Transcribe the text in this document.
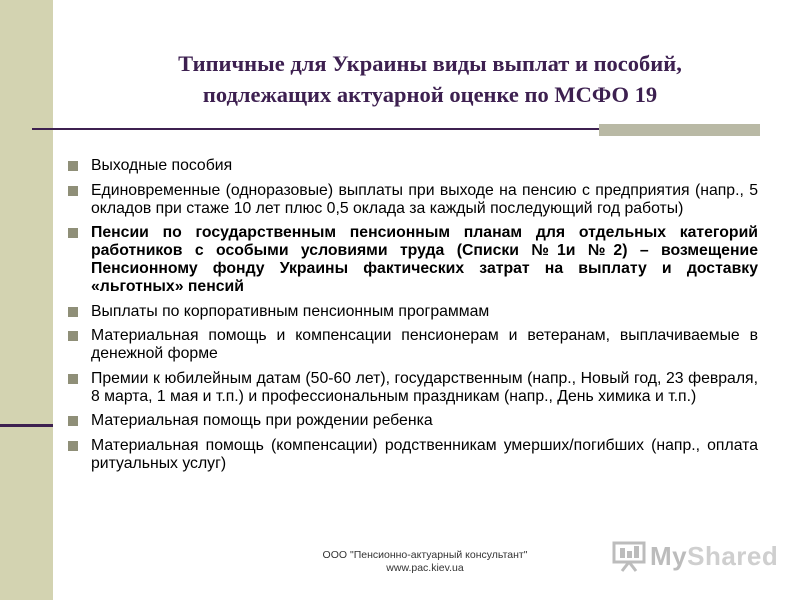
Типичные для Украины виды выплат и пособий,
подлежащих актуарной оценке по МСФО 19
Выходные пособия
Единовременные (одноразовые) выплаты при выходе на пенсию с предприятия (напр., 5 окладов при стаже 10 лет плюс 0,5 оклада за каждый последующий год работы)
Пенсии по государственным пенсионным планам для отдельных категорий работников с особыми условиями труда (Списки №1и №2) – возмещение Пенсионному фонду Украины фактических затрат на выплату и доставку «льготных» пенсий
Выплаты по корпоративным пенсионным программам
Материальная помощь и компенсации пенсионерам и ветеранам, выплачиваемые в денежной форме
Премии к юбилейным датам (50-60 лет), государственным (напр., Новый год, 23 февраля, 8 марта, 1 мая и т.п.) и профессиональным праздникам (напр., День химика и т.п.)
Материальная помощь при рождении ребенка
Материальная помощь (компенсации) родственникам умерших/погибших (напр., оплата ритуальных услуг)
ООО "Пенсионно-актуарный консультант"
www.pac.kiev.ua	MyShared
